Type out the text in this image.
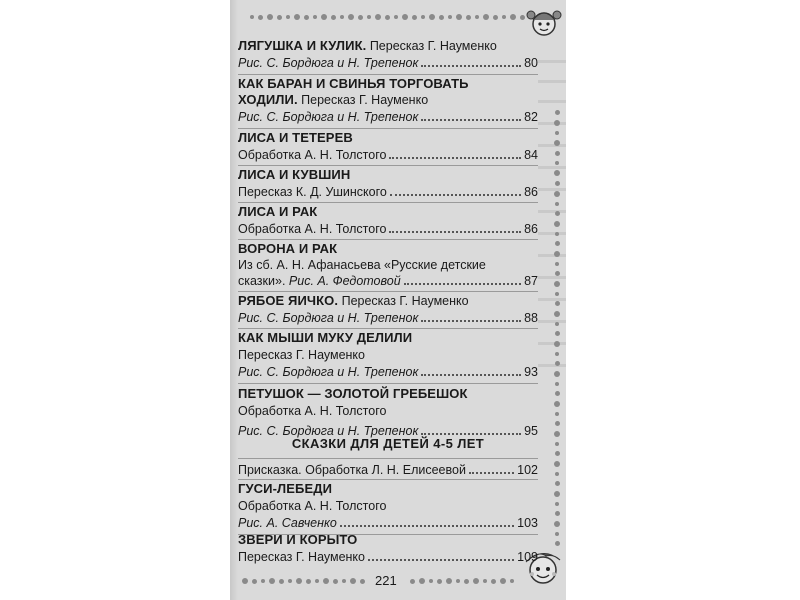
221
ЛЯГУШКА И КУЛИК. Пересказ Г. Науменко
Рис. С. Бордюга и Н. Трепенок	80
КАК БАРАН И СВИНЬЯ ТОРГОВАТЬ
ХОДИЛИ. Пересказ Г. Науменко
Рис. С. Бордюга и Н. Трепенок	82
ЛИСА И ТЕТЕРЕВ
Обработка А. Н. Толстого	84
ЛИСА И КУВШИН
Пересказ К. Д. Ушинского	86
ЛИСА И РАК
Обработка А. Н. Толстого	86
ВОРОНА И РАК
Из сб. А. Н. Афанасьева «Русские детские
сказки».
Рис. А. Федотовой	87
РЯБОЕ ЯИЧКО. Пересказ Г. Науменко
Рис. С. Бордюга и Н. Трепенок	88
КАК МЫШИ МУКУ ДЕЛИЛИ
Пересказ Г. Науменко
Рис. С. Бордюга и Н. Трепенок	93
ПЕТУШОК — ЗОЛОТОЙ ГРЕБЕШОК
Обработка А. Н. Толстого
Рис. С. Бордюга и Н. Трепенок	95
СКАЗКИ ДЛЯ ДЕТЕЙ 4-5 ЛЕТ
Присказка. Обработка Л. Н. Елисеевой	102
ГУСИ-ЛЕБЕДИ
Обработка А. Н. Толстого
Рис. А. Савченко	103
ЗВЕРИ И КОРЫТО
Пересказ Г. Науменко	109
